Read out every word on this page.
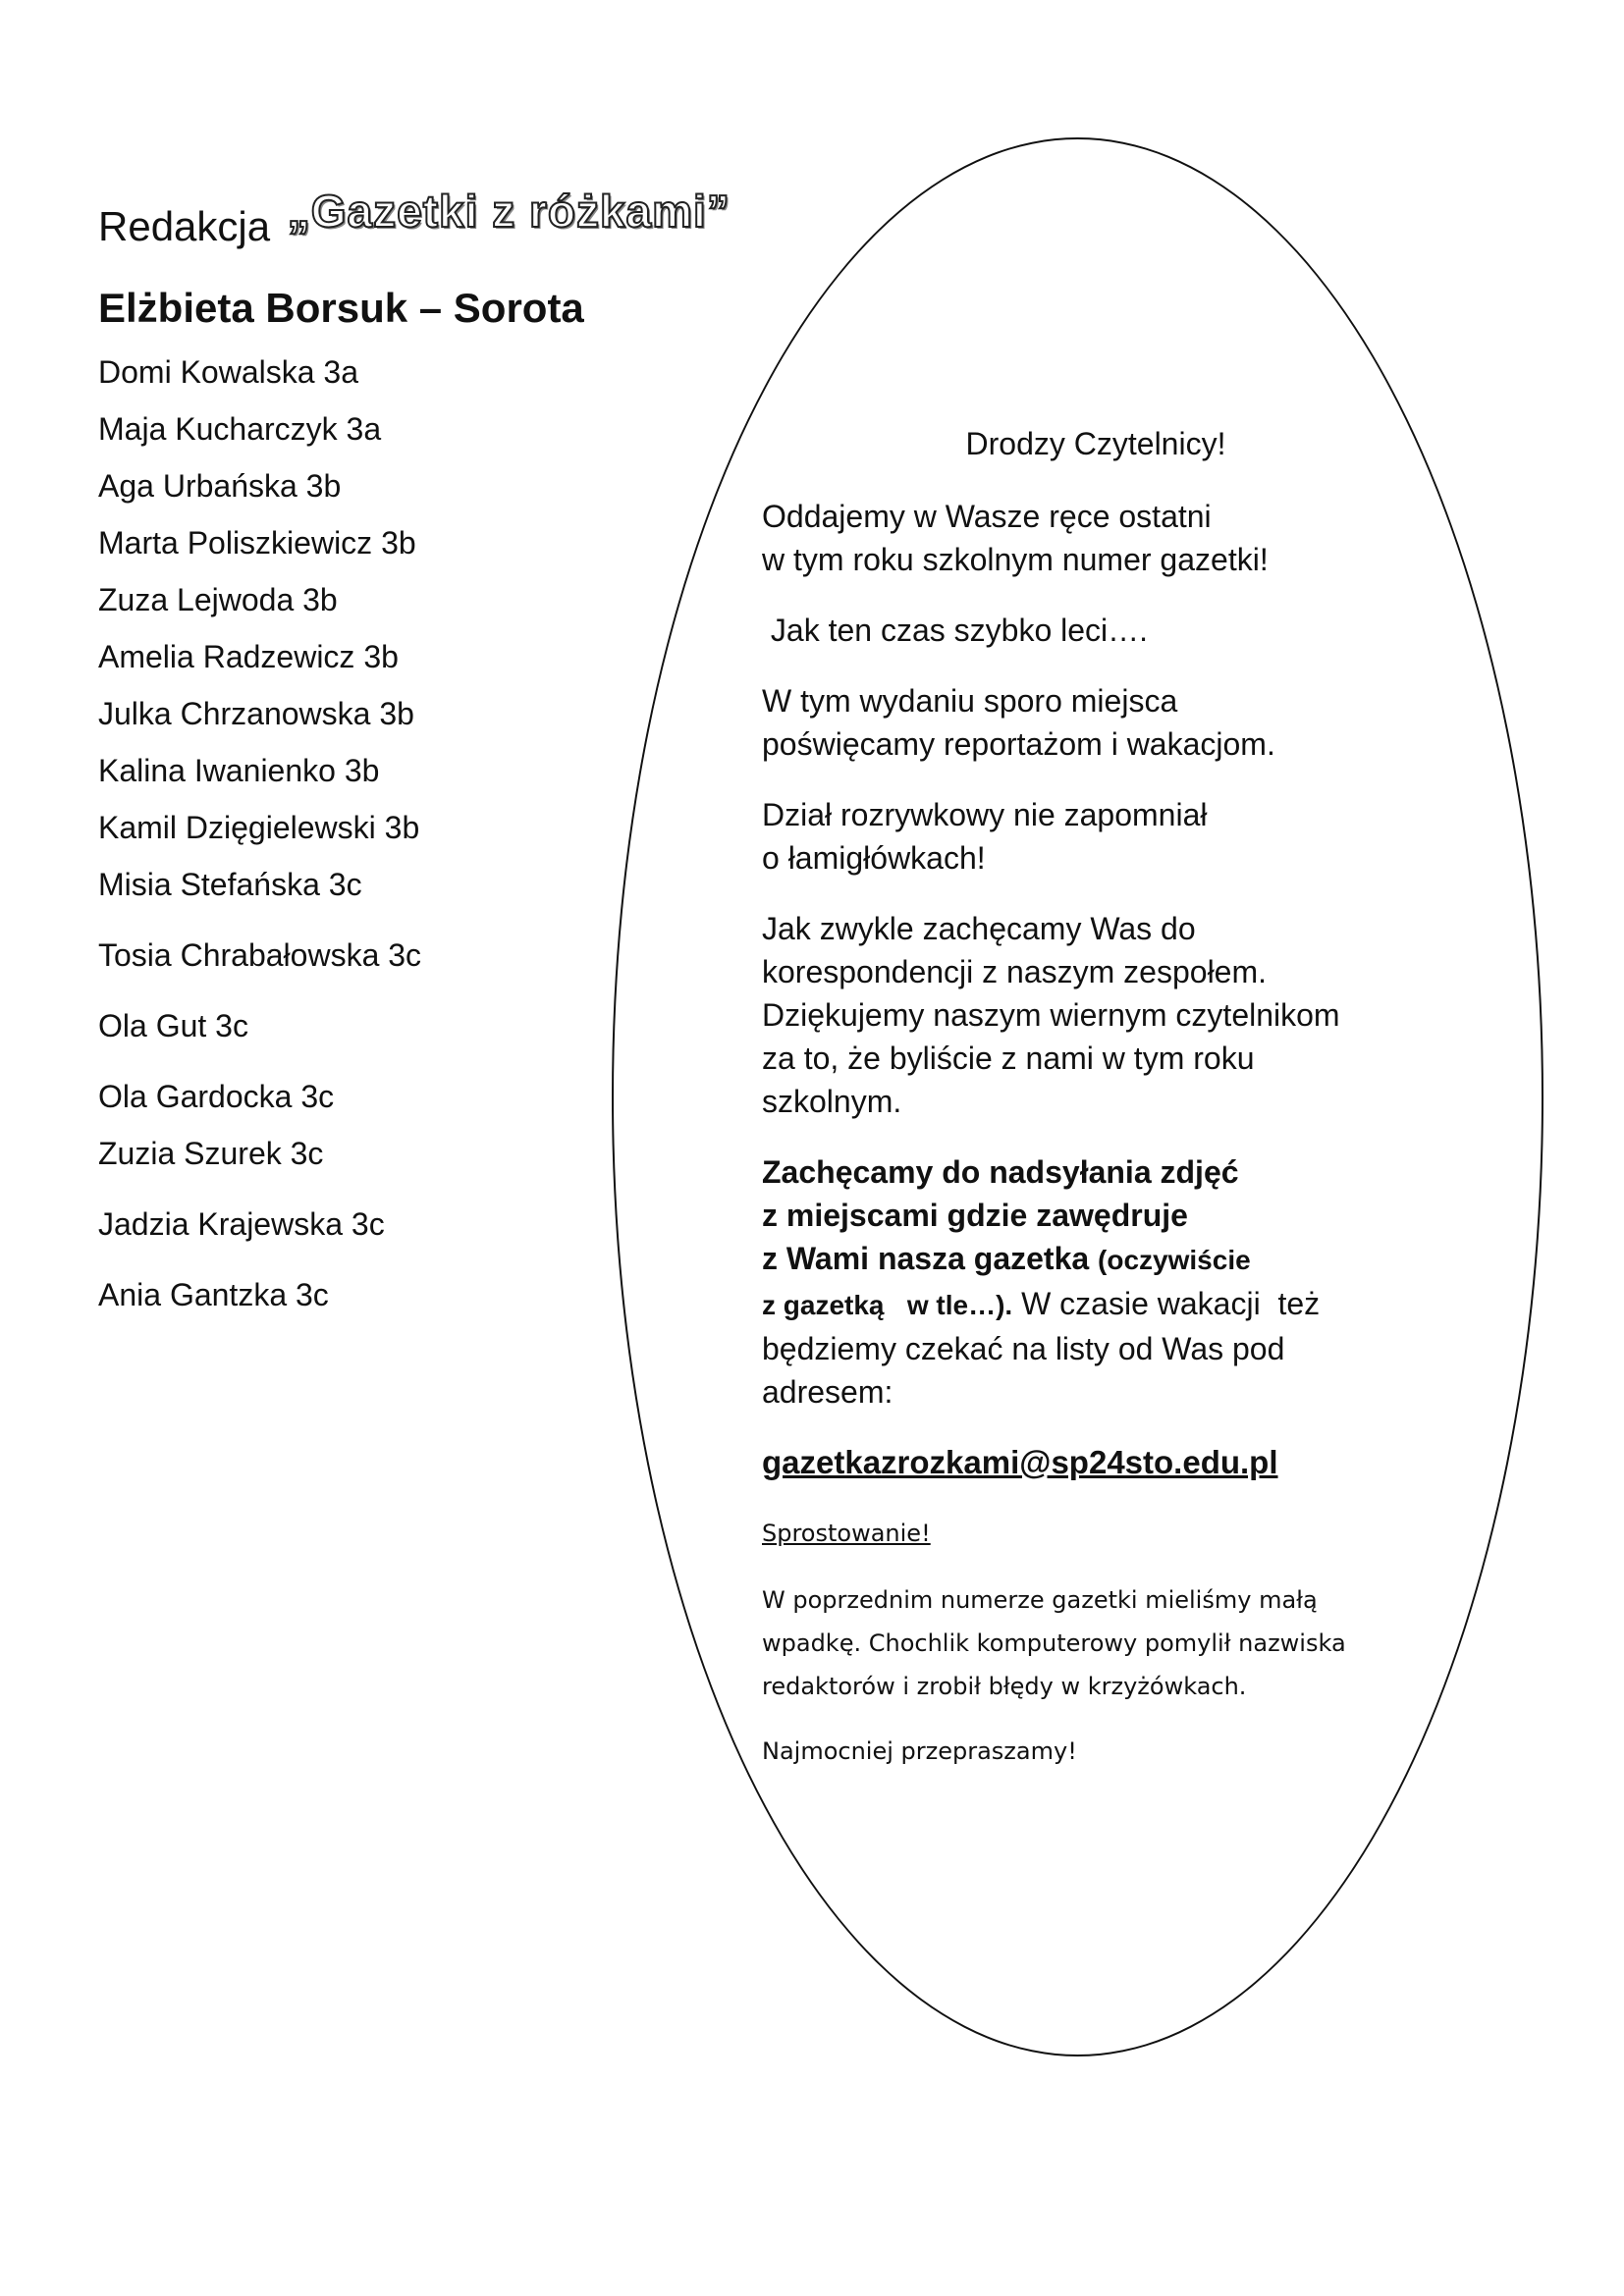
Redakcja „Gazetki z różkami”
Elżbieta Borsuk – Sorota
Domi Kowalska 3a
Maja Kucharczyk 3a
Aga Urbańska 3b
Marta Poliszkiewicz 3b
Zuza Lejwoda 3b
Amelia Radzewicz 3b
Julka Chrzanowska 3b
Kalina Iwanienko 3b
Kamil Dzięgielewski 3b
Misia Stefańska 3c
Tosia Chrabałowska 3c
Ola Gut 3c
Ola Gardocka 3c
Zuzia Szurek 3c
Jadzia Krajewska 3c
Ania Gantzka 3c

Drodzy Czytelnicy!

Oddajemy w Wasze ręce ostatni
w tym roku szkolnym numer gazetki!

Jak ten czas szybko leci….

W tym wydaniu sporo miejsca
poświęcamy reportażom i wakacjom.

Dział rozrywkowy nie zapomniał
o łamigłówkach!

Jak zwykle zachęcamy Was do
korespondencji z naszym zespołem.
Dziękujemy naszym wiernym czytelnikom
za to, że byliście z nami w tym roku
szkolnym.

Zachęcamy do nadsyłania zdjęć
z miejscami gdzie zawędruje
z Wami nasza gazetka (oczywiście
z gazetką   w tle…). W czasie wakacji  też
będziemy czekać na listy od Was pod
adresem:

gazetkazrozkami@sp24sto.edu.pl

Sprostowanie!

W poprzednim numerze gazetki mieliśmy małą
wpadkę. Chochlik komputerowy pomylił nazwiska
redaktorów i zrobił błędy w krzyżówkach.

Najmocniej przepraszamy!
